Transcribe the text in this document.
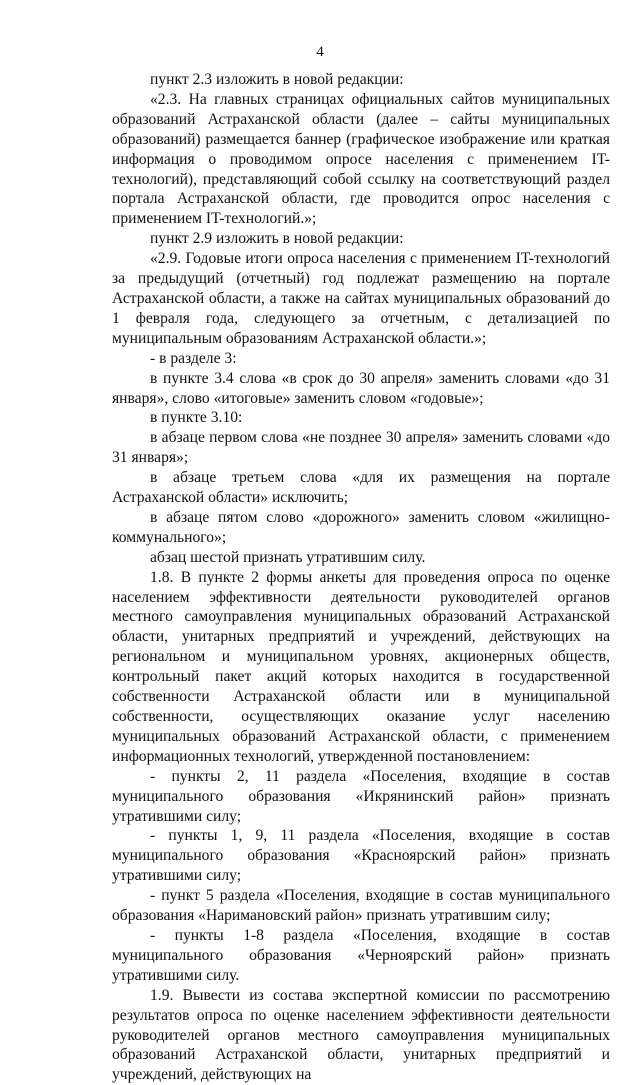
4

пункт 2.3 изложить в новой редакции:

«2.3. На главных страницах официальных сайтов муниципальных образований Астраханской области (далее – сайты муниципальных образований) размещается баннер (графическое изображение или краткая информация о проводимом опросе населения с применением IT-технологий), представляющий собой ссылку на соответствующий раздел портала Астраханской области, где проводится опрос населения с применением IT-технологий.»;

пункт 2.9 изложить в новой редакции:

«2.9. Годовые итоги опроса населения с применением IT-технологий за предыдущий (отчетный) год подлежат размещению на портале Астраханской области, а также на сайтах муниципальных образований до 1 февраля года, следующего за отчетным, с детализацией по муниципальным образованиям Астраханской области.»;

- в разделе 3:

в пункте 3.4 слова «в срок до 30 апреля» заменить словами «до 31 января», слово «итоговые» заменить словом «годовые»;

в пункте 3.10:

в абзаце первом слова «не позднее 30 апреля» заменить словами «до 31 января»;

в абзаце третьем слова «для их размещения на портале Астраханской области» исключить;

в абзаце пятом слово «дорожного» заменить словом «жилищно-коммунального»;

абзац шестой признать утратившим силу.

1.8. В пункте 2 формы анкеты для проведения опроса по оценке населением эффективности деятельности руководителей органов местного самоуправления муниципальных образований Астраханской области, унитарных предприятий и учреждений, действующих на региональном и муниципальном уровнях, акционерных обществ, контрольный пакет акций которых находится в государственной собственности Астраханской области или в муниципальной собственности, осуществляющих оказание услуг населению муниципальных образований Астраханской области, с применением информационных технологий, утвержденной постановлением:

- пункты 2, 11 раздела «Поселения, входящие в состав муниципального образования «Икрянинский район» признать утратившими силу;

- пункты 1, 9, 11 раздела «Поселения, входящие в состав муниципального образования «Красноярский район» признать утратившими силу;

- пункт 5 раздела «Поселения, входящие в состав муниципального образования «Наримановский район» признать утратившим силу;

- пункты 1-8 раздела «Поселения, входящие в состав муниципального образования «Черноярский район» признать утратившими силу.

1.9. Вывести из состава экспертной комиссии по рассмотрению результатов опроса по оценке населением эффективности деятельности руководителей органов местного самоуправления муниципальных образований Астраханской области, унитарных предприятий и учреждений, действующих на
